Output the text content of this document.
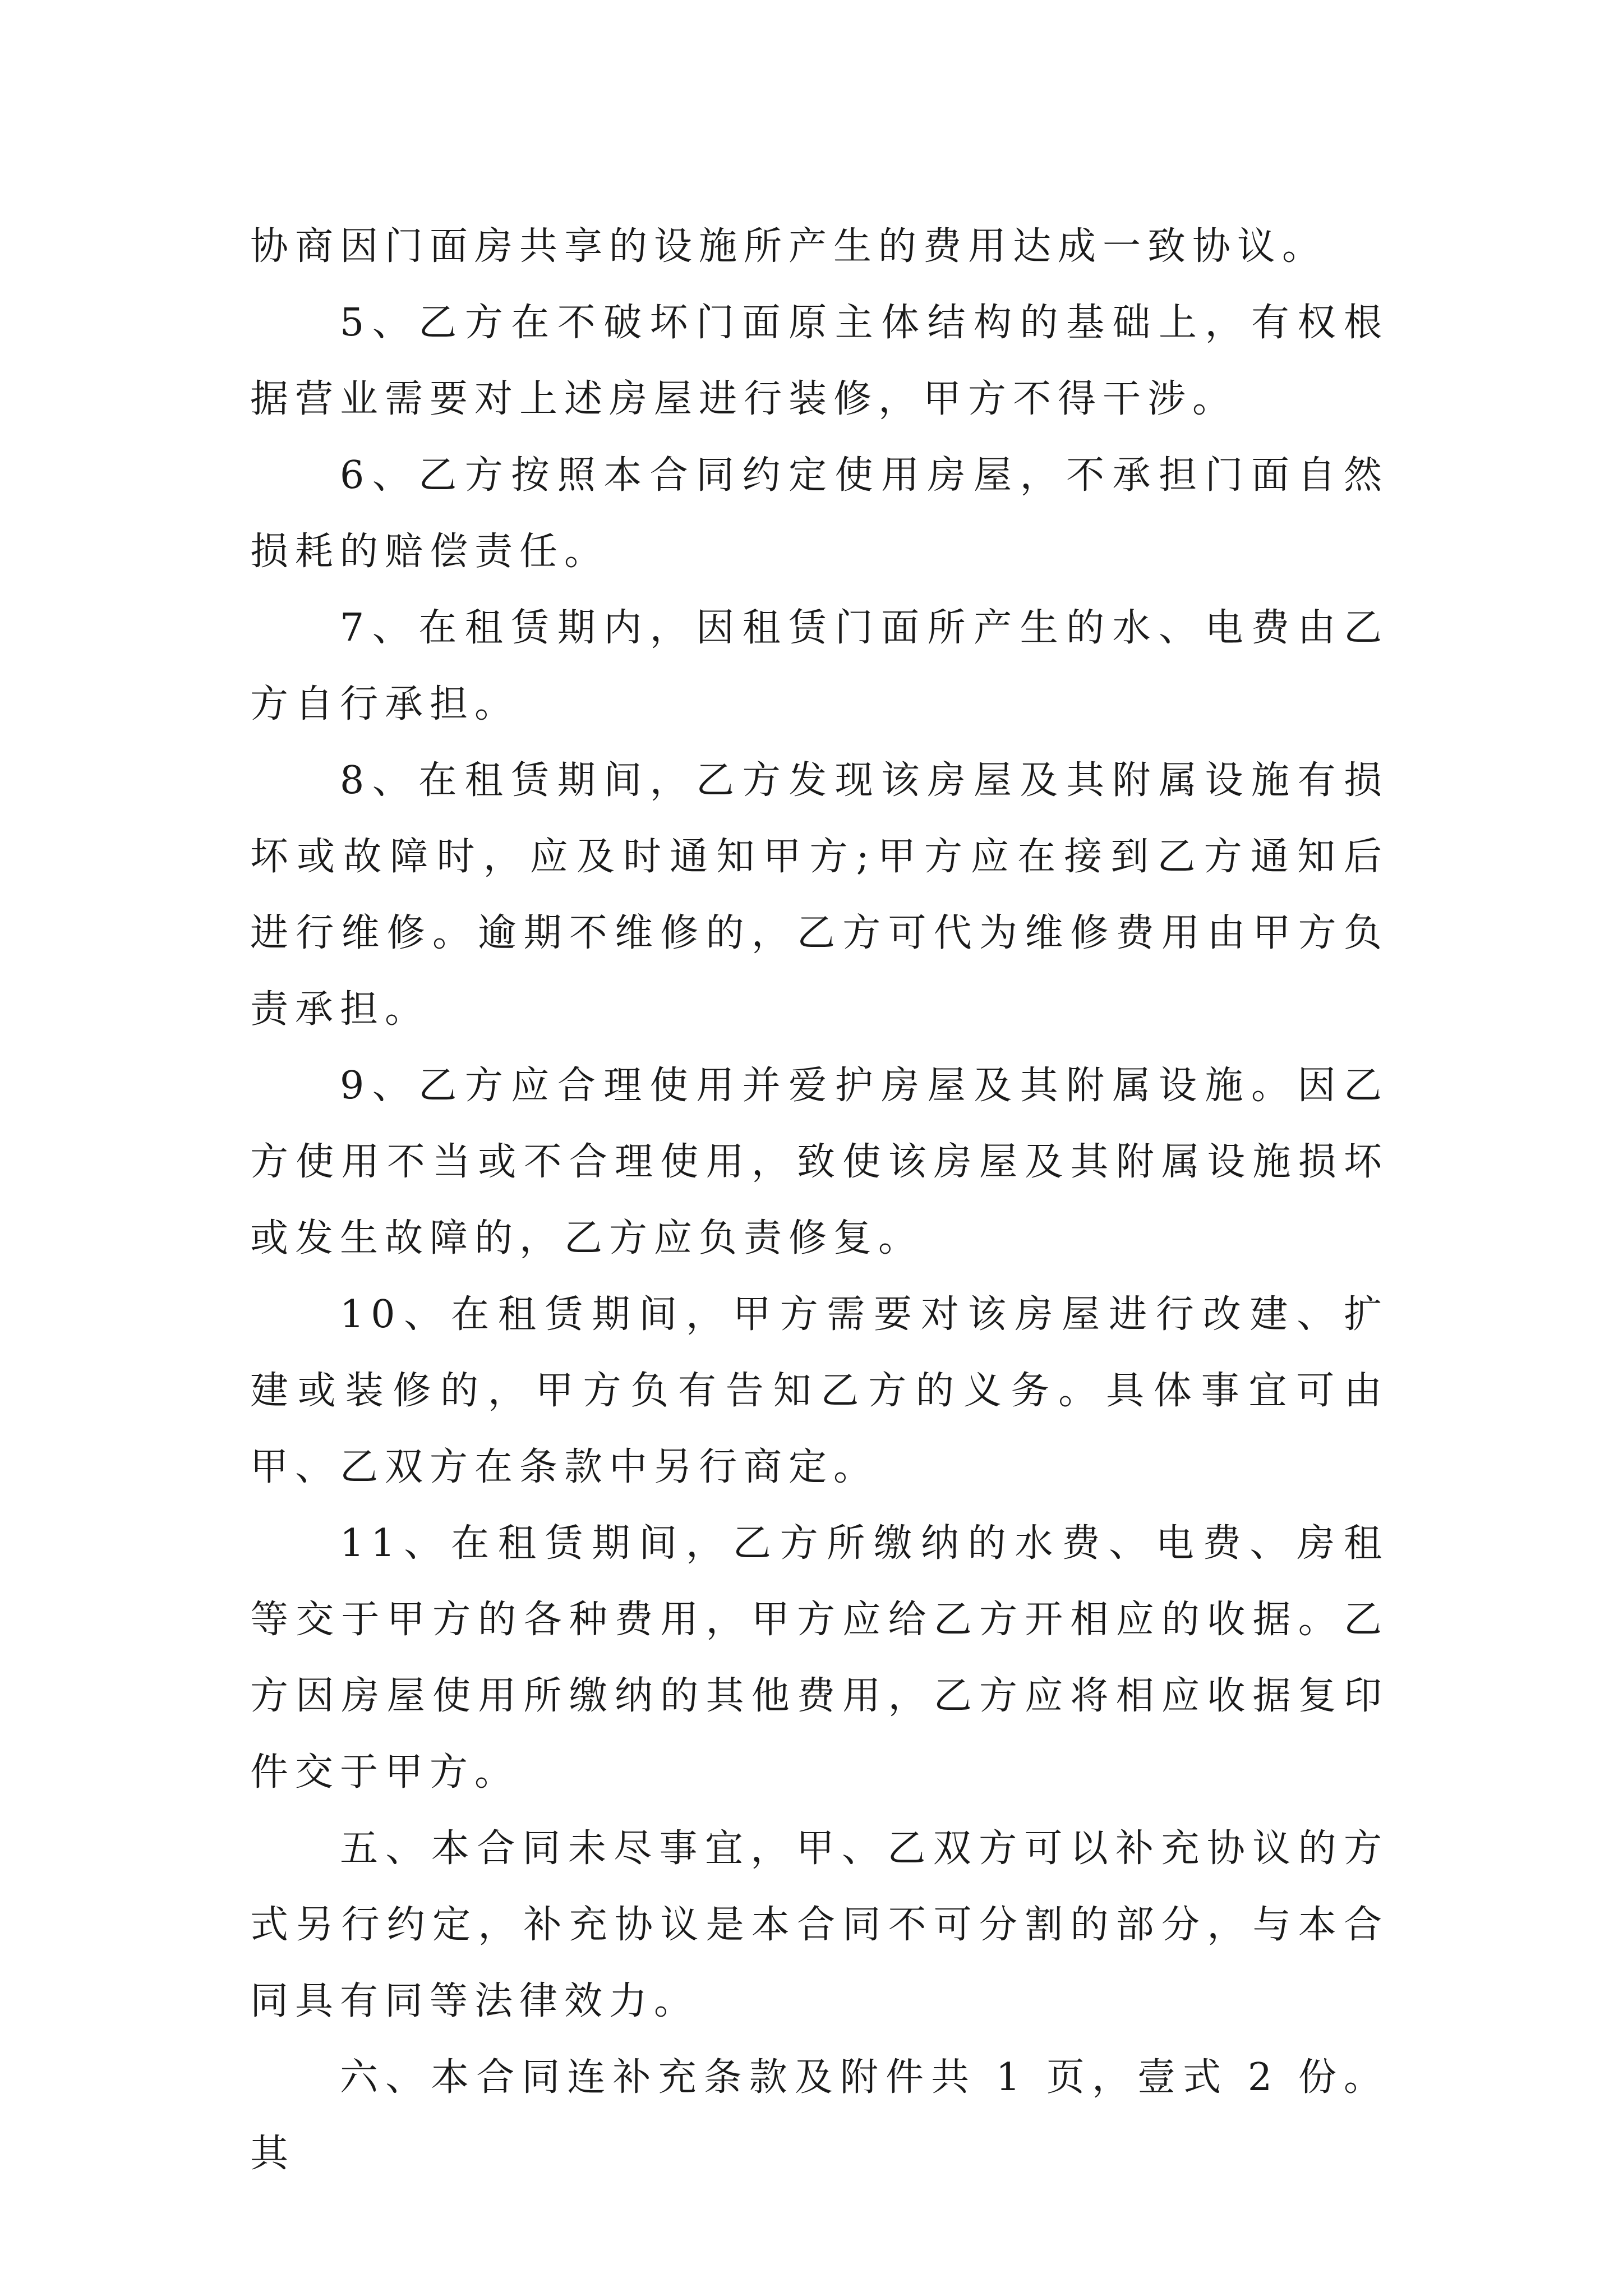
协商因门面房共享的设施所产生的费用达成一致协议。

5、乙方在不破坏门面原主体结构的基础上，有权根据营业需要对上述房屋进行装修，甲方不得干涉。

6、乙方按照本合同约定使用房屋，不承担门面自然损耗的赔偿责任。

7、在租赁期内，因租赁门面所产生的水、电费由乙方自行承担。

8、在租赁期间，乙方发现该房屋及其附属设施有损坏或故障时，应及时通知甲方;甲方应在接到乙方通知后进行维修。逾期不维修的，乙方可代为维修费用由甲方负责承担。

9、乙方应合理使用并爱护房屋及其附属设施。因乙方使用不当或不合理使用，致使该房屋及其附属设施损坏或发生故障的，乙方应负责修复。

10、在租赁期间，甲方需要对该房屋进行改建、扩建或装修的，甲方负有告知乙方的义务。具体事宜可由甲、乙双方在条款中另行商定。

11、在租赁期间，乙方所缴纳的水费、电费、房租等交于甲方的各种费用，甲方应给乙方开相应的收据。乙方因房屋使用所缴纳的其他费用，乙方应将相应收据复印件交于甲方。

五、本合同未尽事宜，甲、乙双方可以补充协议的方式另行约定，补充协议是本合同不可分割的部分，与本合同具有同等法律效力。

六、本合同连补充条款及附件共 1 页，壹式 2 份。其
